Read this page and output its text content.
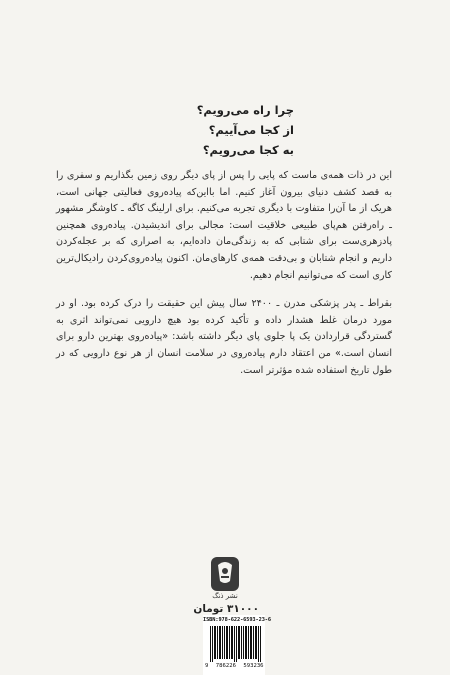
چرا راه می‌رویم؟
از کجا می‌آییم؟
به کجا می‌رویم؟

این در ذات همه‌ی ماست که پایی را پس از پای دیگر روی زمین بگذاریم و سفری را به قصد کشف دنیای بیرون آغاز کنیم. اما با‌این‌که پیاده‌روی فعالیتی جهانی است، هریک از ما آن‌را متفاوت با دیگری تجربه می‌کنیم. برای ارلینگ کاگه ـ کاوشگر مشهور ـ راه‌رفتن هم‌پای طبیعی خلاقیت است: مجالی برای اندیشیدن. پیاده‌روی همچنین پادزهری‌ست برای شتابی که به زندگی‌مان داده‌ایم، به اصراری که بر عجله‌کردن داریم و انجام شتابان و بی‌دقت همه‌ی کارهای‌مان. اکنون پیاده‌روی‌کردن رادیکال‌ترین کاری است که می‌توانیم انجام دهیم.

بقراط ـ پدر پزشکی مدرن ـ ۲۴۰۰ سال پیش این حقیقت را درک کرده بود. او در مورد درمان غلط هشدار داده و تأکید کرده بود هیچ دارویی نمی‌تواند اثری به گستردگی قراردادن یک پا جلوی پای دیگر داشته باشد: «پیاده‌روی بهترین دارو برای انسان است.» من اعتقاد دارم پیاده‌روی در سلامت انسان از هر نوع دارویی که در طول تاریخ استفاده شده مؤثرتر است.

نشر ذنگ
۳۱۰۰۰ تومان
ISBN:978-622-6593-23-6
9 786226 593236
